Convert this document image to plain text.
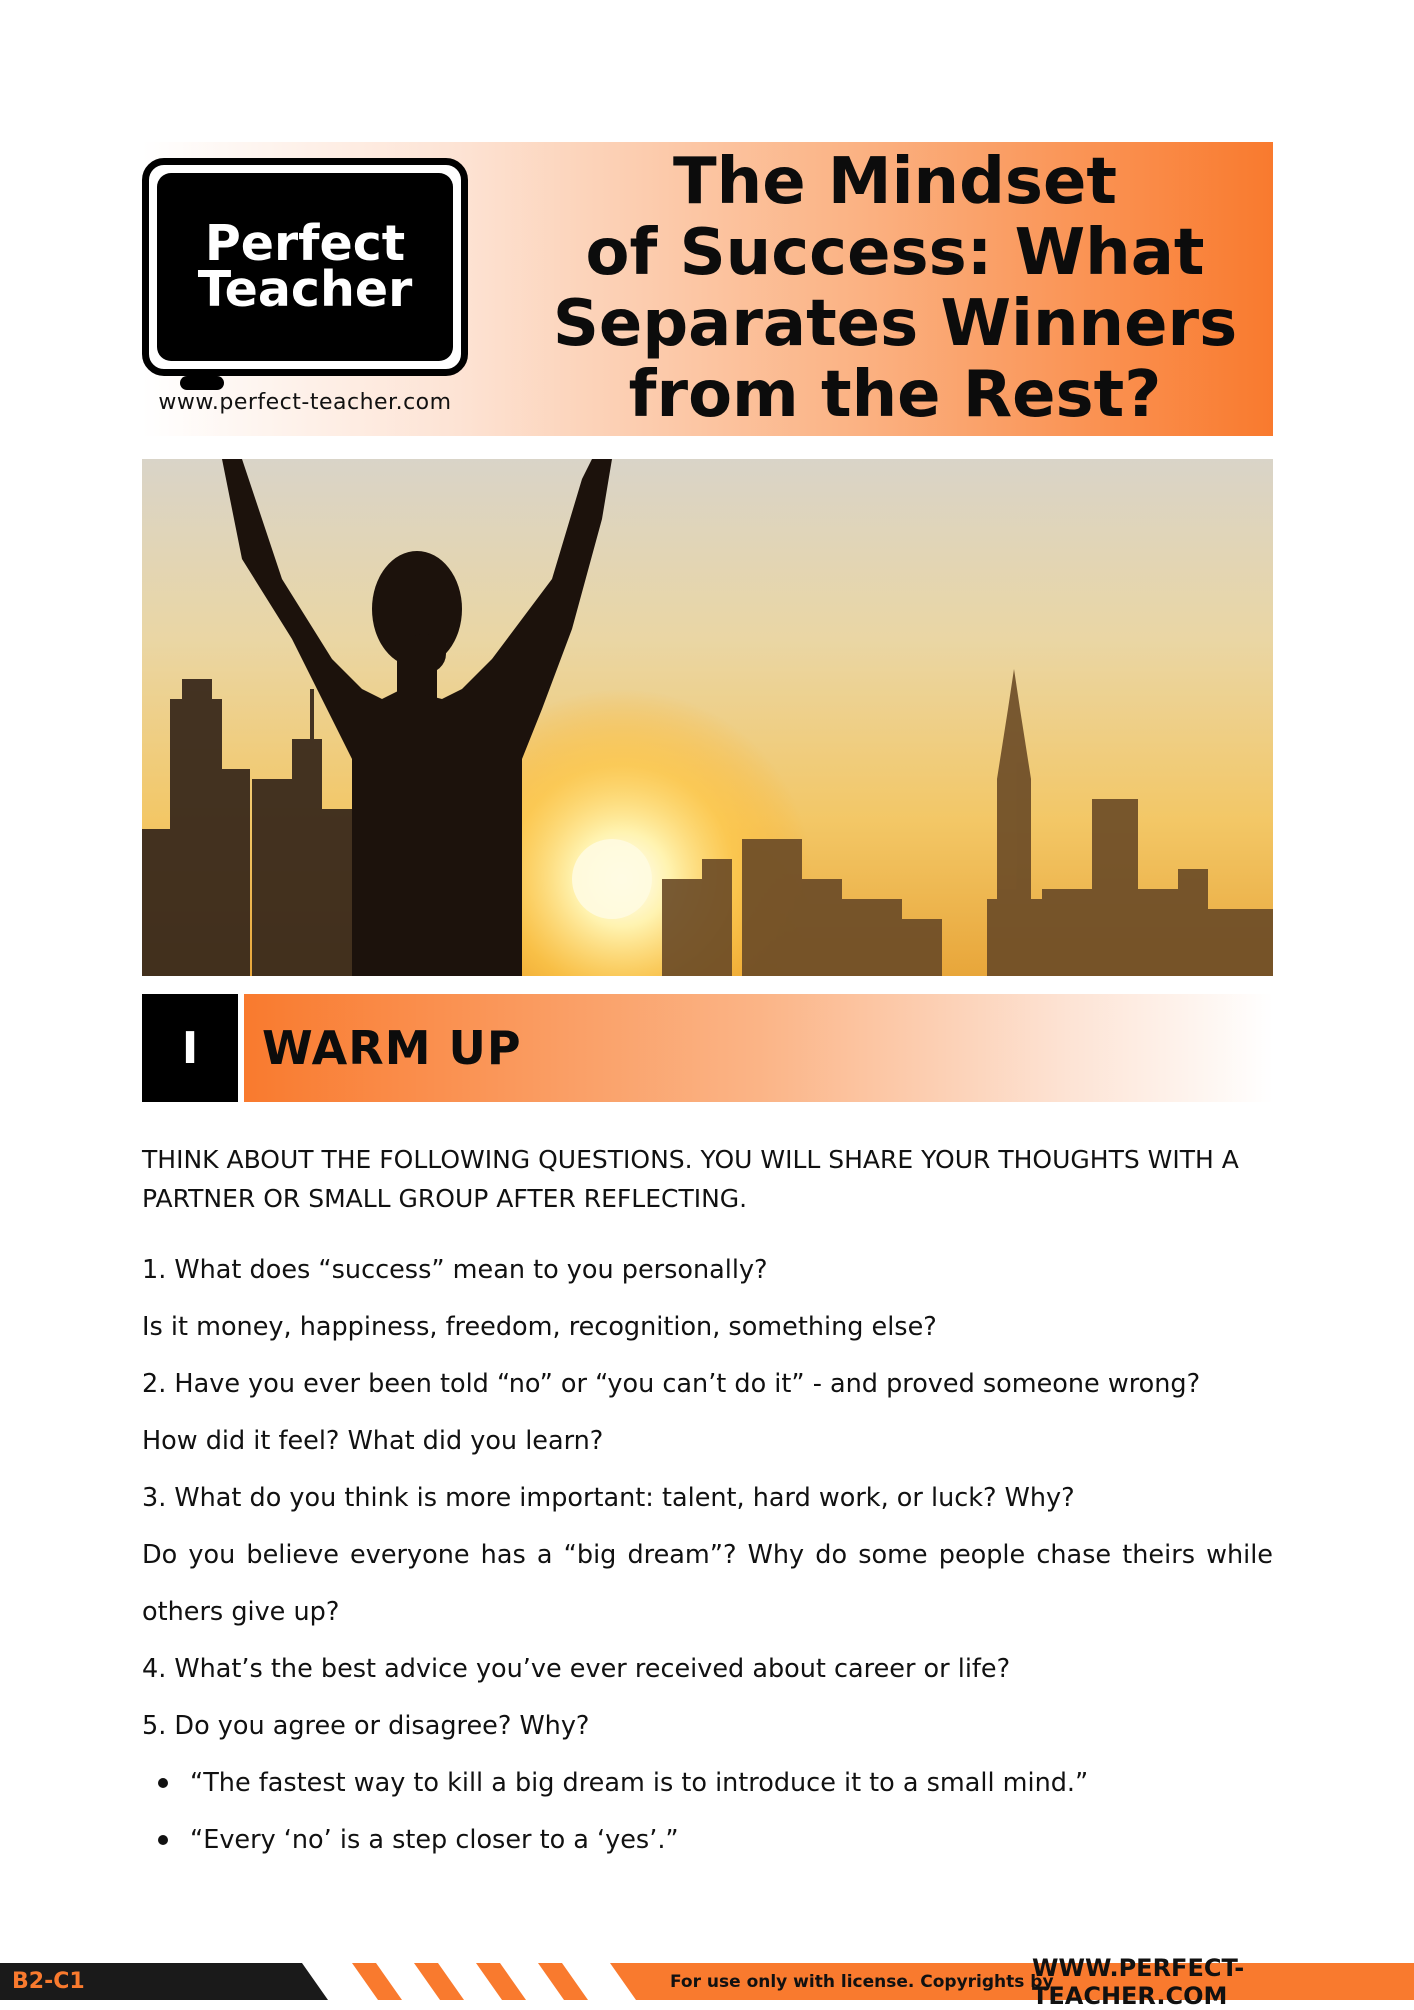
Perfect
Teacher
www.perfect-teacher.com
The Mindset
of Success: What
Separates Winners
from the Rest?
I	WARM UP
THINK ABOUT THE FOLLOWING QUESTIONS. YOU WILL SHARE YOUR THOUGHTS WITH A PARTNER OR SMALL GROUP AFTER REFLECTING.
1. What does “success” mean to you personally?
Is it money, happiness, freedom, recognition, something else?
2. Have you ever been told “no” or “you can’t do it” - and proved someone wrong?
How did it feel? What did you learn?
3. What do you think is more important: talent, hard work, or luck? Why?
Do you believe everyone has a “big dream”? Why do some people chase theirs while
others give up?
4. What’s the best advice you’ve ever received about career or life?
5. Do you agree or disagree? Why?
“The fastest way to kill a big dream is to introduce it to a small mind.”
“Every ‘no’ is a step closer to a ‘yes’.”
B2-C1	For use only with license. Copyrights by
WWW.PERFECT-TEACHER.COM
